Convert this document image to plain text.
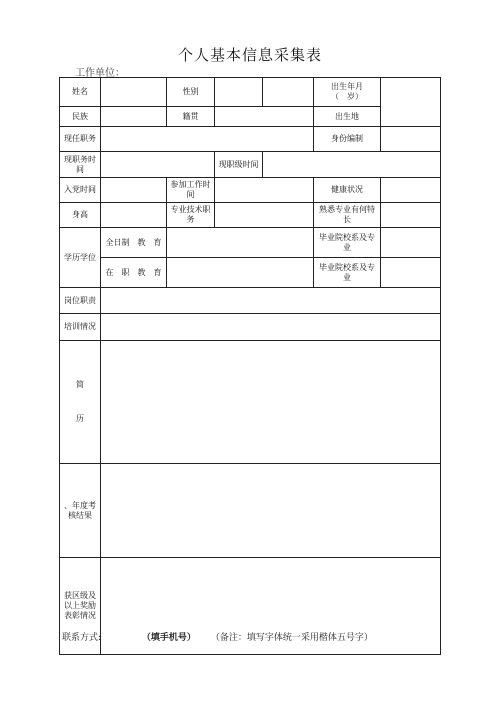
个人基本信息采集表
工作单位：
姓名		性别			出生年月
（　岁）	
民族		籍贯			出生地	
现任职务					身份编制	
现职务时间			现职级时间			
入党时间		参加工作时间			健康状况	
身高		专业技术职务			熟悉专业有何特长	
学历学位	全日制　教　育				毕业院校系及专业	
	在　职　教　育				毕业院校系及专业	
岗位职责						
培训情况						

简
历						

、年度考核结果						
获区级及以上奖励表彰情况						
联系方式:	（填手机号） （备注：填写字体统一采用楷体五号字）
